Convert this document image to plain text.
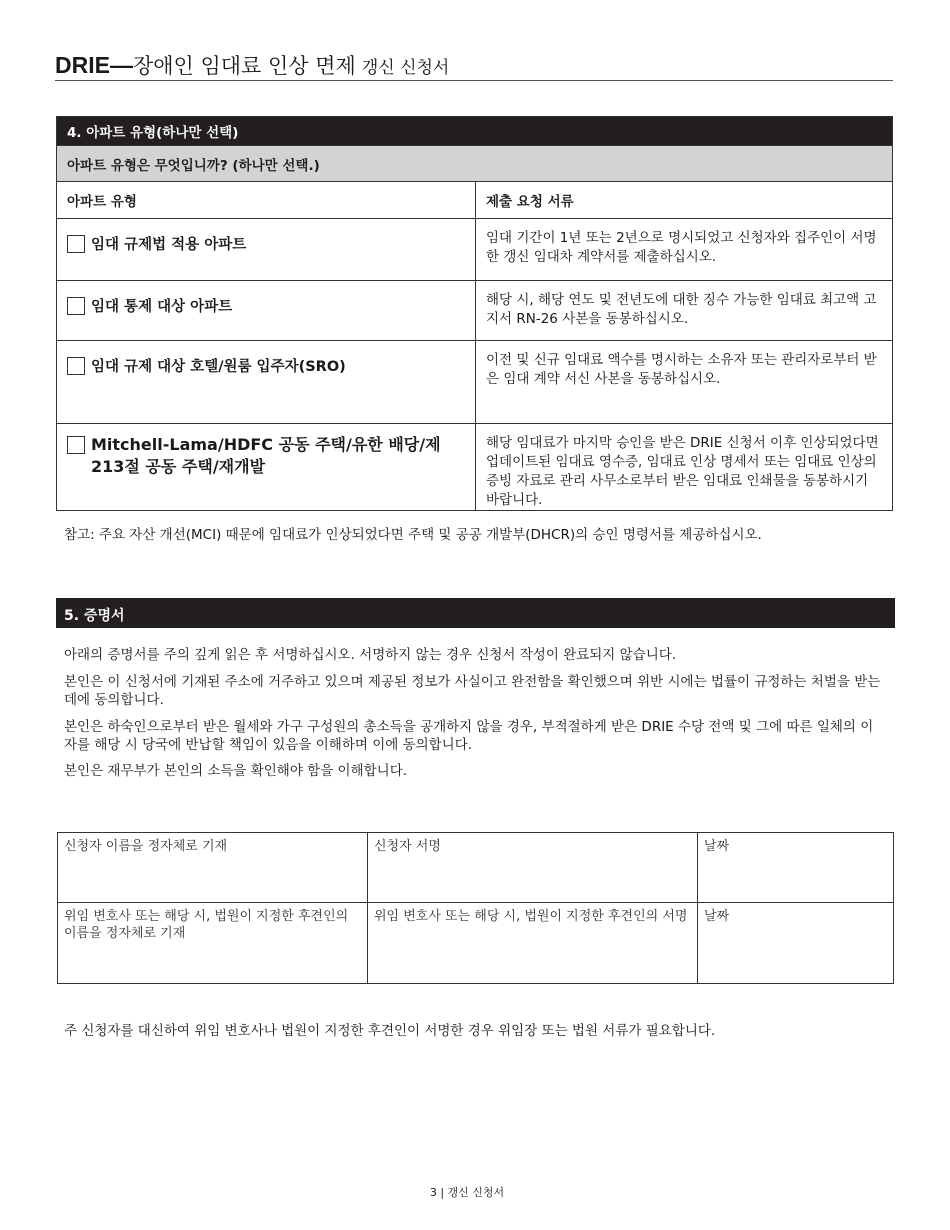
DRIE—장애인 임대료 인상 면제 갱신 신청서
4. 아파트 유형(하나만 선택)	
아파트 유형은 무엇입니까? (하나만 선택.)	
아파트 유형	제출 요청 서류
임대 규제법 적용 아파트	임대 기간이 1년 또는 2년으로 명시되었고 신청자와 집주인이 서명한 갱신 임대차 계약서를 제출하십시오.
임대 통제 대상 아파트	해당 시, 해당 연도 및 전년도에 대한 징수 가능한 임대료 최고액 고지서 RN-26 사본을 동봉하십시오.
임대 규제 대상 호텔/원룸 입주자(SRO)	이전 및 신규 임대료 액수를 명시하는 소유자 또는 관리자로부터 받은 임대 계약 서신 사본을 동봉하십시오.

Mitchell-Lama/HDFC 공동 주택/유한 배당/제213절 공동 주택/재개발	해당 임대료가 마지막 승인을 받은 DRIE 신청서 이후 인상되었다면 업데이트된 임대료 영수증, 임대료 인상 명세서 또는 임대료 인상의 증빙 자료로 관리 사무소로부터 받은 임대료 인쇄물을 동봉하시기 바랍니다.
참고: 주요 자산 개선(MCI) 때문에 임대료가 인상되었다면 주택 및 공공 개발부(DHCR)의 승인 명령서를 제공하십시오.
5. 증명서
아래의 증명서를 주의 깊게 읽은 후 서명하십시오. 서명하지 않는 경우 신청서 작성이 완료되지 않습니다.
본인은 이 신청서에 기재된 주소에 거주하고 있으며 제공된 정보가 사실이고 완전함을 확인했으며 위반 시에는 법률이 규정하는 처벌을 받는 데에 동의합니다.
본인은 하숙인으로부터 받은 월세와 가구 구성원의 총소득을 공개하지 않을 경우, 부적절하게 받은 DRIE 수당 전액 및 그에 따른 일체의 이자를 해당 시 당국에 반납할 책임이 있음을 이해하며 이에 동의합니다.
본인은 재무부가 본인의 소득을 확인해야 함을 이해합니다.
신청자 이름을 정자체로 기재	신청자 서명	날짜
위임 변호사 또는 해당 시, 법원이 지정한 후견인의 이름을 정자체로 기재	위임 변호사 또는 해당 시, 법원이 지정한 후견인의 서명	날짜
주 신청자를 대신하여 위임 변호사나 법원이 지정한 후견인이 서명한 경우 위임장 또는 법원 서류가 필요합니다.
3 | 갱신 신청서
